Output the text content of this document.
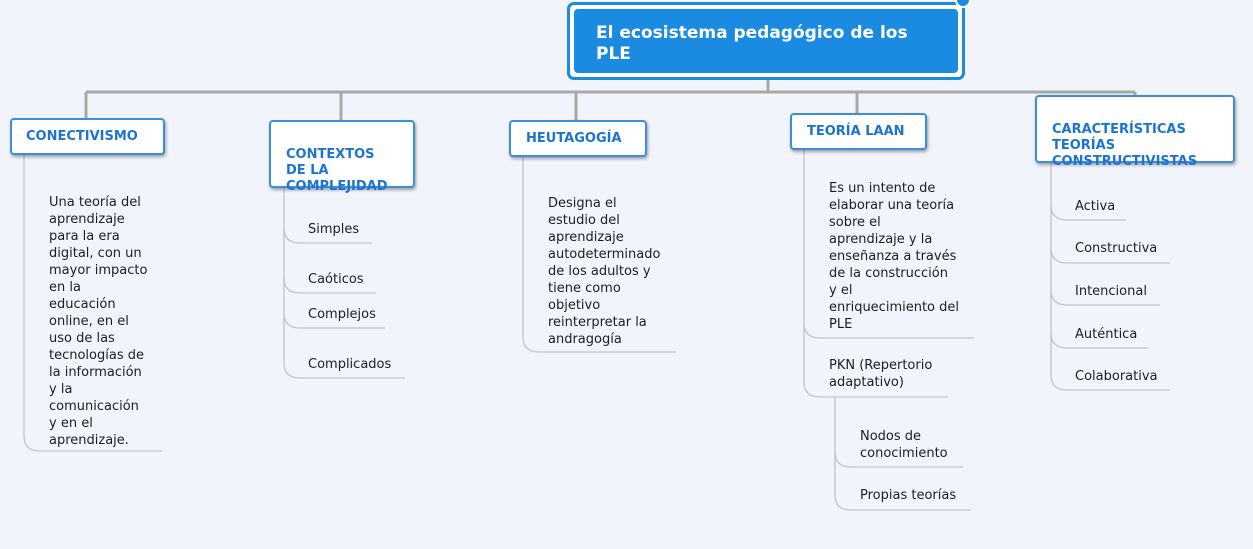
El ecosistema pedagógico de los PLE
CONECTIVISMO

CONTEXTOS
DE LA
COMPLEJIDAD

HEUTAGOGÍA	TEORÍA LAAN	CARACTERÍSTICAS
TEORÍAS
CONSTRUCTIVISTAS

Una teoría del
aprendizaje
para la era
digital, con un
mayor impacto
en la
educación
online, en el
uso de las
tecnologías de
la información
y la
comunicación
y en el
aprendizaje.
Simples
Caóticos
Complejos
Complicados
Designa el
estudio del
aprendizaje
autodeterminado
de los adultos y
tiene como
objetivo
reinterpretar la
andragogía
Es un intento de
elaborar una teoría
sobre el
aprendizaje y la
enseñanza a través
de la construcción
y el
enriquecimiento del
PLE
PKN (Repertorio
adaptativo)
Nodos de
conocimiento
Propias teorías
Activa
Constructiva
Intencional
Auténtica
Colaborativa
